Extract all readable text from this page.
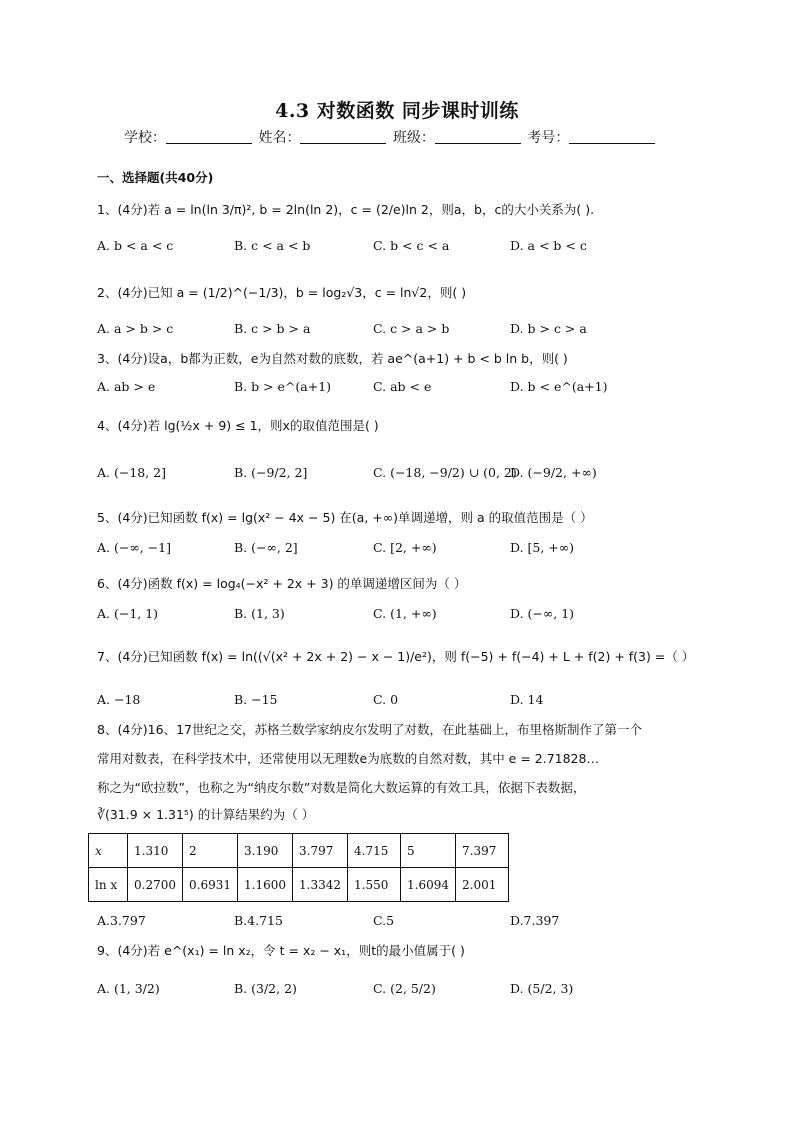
4.3 对数函数 同步课时训练
学校：	姓名：	班级：	考号：
一、选择题(共40分)
1、(4分)若 a = ln(ln 3/π)², b = 2ln(ln 2)，c = (2/e)ln 2，则a，b，c的大小关系为( ).
A. b < a < c	B. c < a < b	C. b < c < a	D. a < b < c
2、(4分)已知 a = (1/2)^(−1/3)，b = log₂√3，c = ln√2，则( )
A. a > b > c	B. c > b > a	C. c > a > b	D. b > c > a
3、(4分)设a，b都为正数，e为自然对数的底数，若 ae^(a+1) + b < b ln b，则( )
A. ab > e	B. b > e^(a+1)	C. ab < e	D. b < e^(a+1)
4、(4分)若 lg(½x + 9) ≤ 1，则x的取值范围是( )
A. (−18, 2]	B. (−9/2, 2]	C. (−18, −9/2) ∪ (0, 2)
D. (−9/2, +∞)
5、(4分)已知函数 f(x) = lg(x² − 4x − 5) 在(a, +∞)单调递增，则 a 的取值范围是（ ）
A. (−∞, −1]	B. (−∞, 2]	C. [2, +∞)	D. [5, +∞)
6、(4分)函数 f(x) = log₄(−x² + 2x + 3) 的单调递增区间为（ ）
A. (−1, 1)	B. (1, 3)	C. (1, +∞)	D. (−∞, 1)
7、(4分)已知函数 f(x) = ln((√(x² + 2x + 2) − x − 1)/e²)，则 f(−5) + f(−4) + L + f(2) + f(3) =（ ）
A. −18	B. −15	C. 0	D. 14
8、(4分)16、17世纪之交，苏格兰数学家纳皮尔发明了对数，在此基础上，布里格斯制作了第一个
常用对数表，在科学技术中，还常使用以无理数e为底数的自然对数，其中 e = 2.71828…
称之为“欧拉数”，也称之为“纳皮尔数”对数是简化大数运算的有效工具，依据下表数据，
∛(31.9 × 1.31⁵) 的计算结果约为（ ）
x	1.310	2	3.190	3.797	4.715	5	7.397
ln x	0.2700	0.6931	1.1600	1.3342	1.550	1.6094	2.001
A.3.797	B.4.715	C.5	D.7.397
9、(4分)若 e^(x₁) = ln x₂，令 t = x₂ − x₁，则t的最小值属于( )
A. (1, 3/2)	B. (3/2, 2)	C. (2, 5/2)	D. (5/2, 3)
